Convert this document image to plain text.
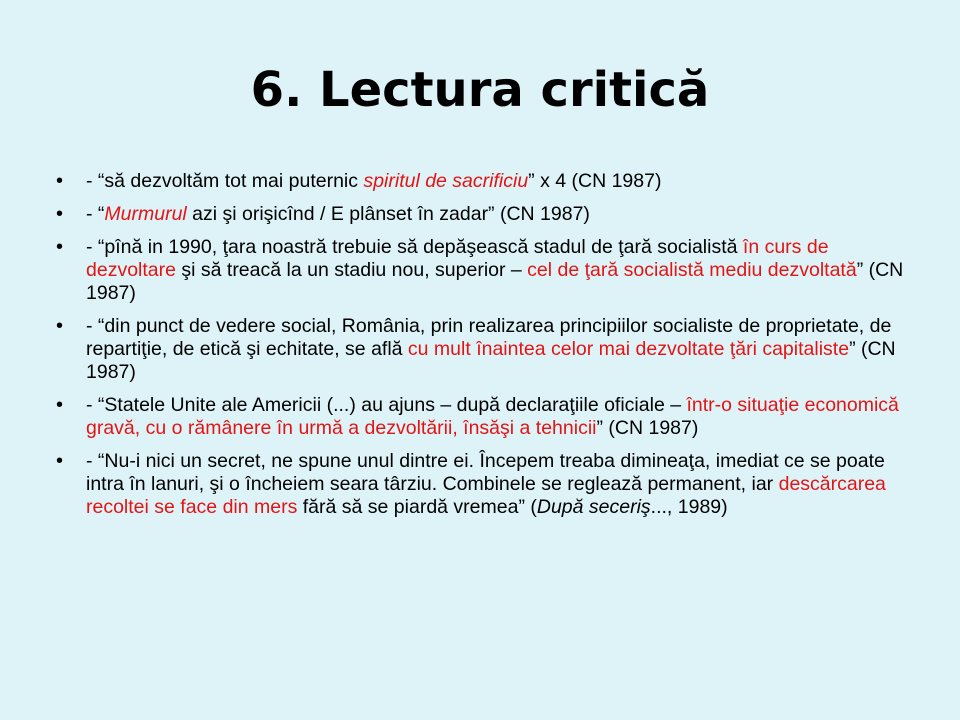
6. Lectura critică
• - “să dezvoltăm tot mai puternic spiritul de sacrificiu” x 4 (CN 1987)
• - “Murmurul azi şi orişicînd / E plânset în zadar” (CN 1987)
• - “pînă in 1990, ţara noastră trebuie să depăşească stadul de ţară socialistă în curs de dezvoltare şi să treacă la un stadiu nou, superior – cel de ţară socialistă mediu dezvoltată” (CN 1987)
• - “din punct de vedere social, România, prin realizarea principiilor socialiste de proprietate, de repartiţie, de etică şi echitate, se află cu mult înaintea celor mai dezvoltate ţări capitaliste” (CN 1987)
• - “Statele Unite ale Americii (...) au ajuns – după declaraţiile oficiale – într-o situaţie economică gravă, cu o rămânere în urmă a dezvoltării, însăşi a tehnicii” (CN 1987)
• - “Nu-i nici un secret, ne spune unul dintre ei. Începem treaba dimineaţa, imediat ce se poate intra în lanuri, şi o încheiem seara târziu. Combinele se reglează permanent, iar descărcarea recoltei se face din mers fără să se piardă vremea” (După seceriş..., 1989)
